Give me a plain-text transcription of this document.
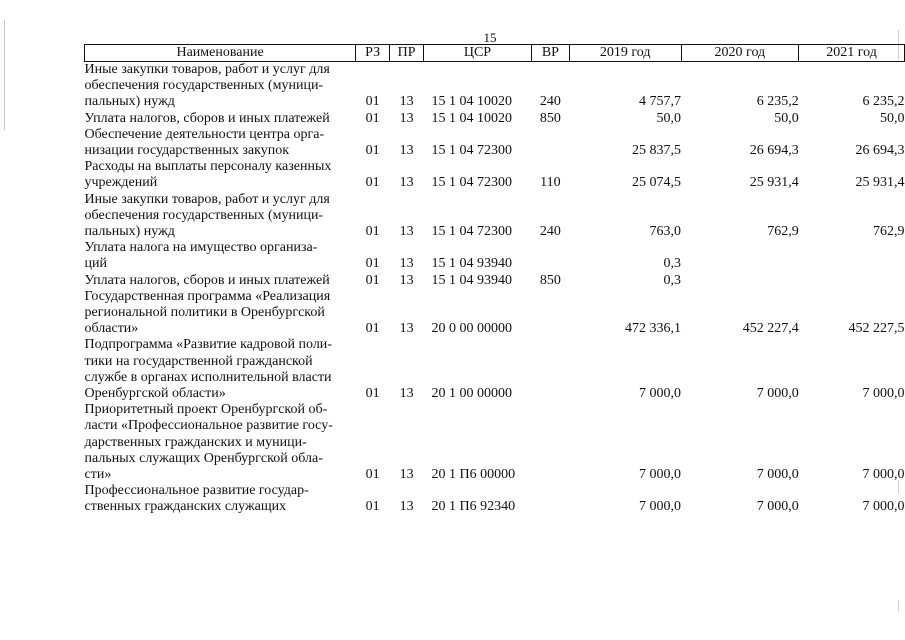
15
Наименование	РЗ	ПР	ЦСР	ВР	2019 год	2020 год	2021 год

Иные закупки товаров, работ и услуг для
обеспечения государственных (муници-
пальных) нужд	01	13	15 1 04 10020	240	4 757,7	6 235,2	6 235,2

Уплата налогов, сборов и иных платежей	01	13	15 1 04 10020	850	50,0	50,0	50,0

Обеспечение деятельности центра орга-
низации государственных закупок	01	13	15 1 04 72300		25 837,5	26 694,3	26 694,3

Расходы на выплаты персоналу казенных
учреждений	01	13	15 1 04 72300	110	25 074,5	25 931,4	25 931,4

Иные закупки товаров, работ и услуг для
обеспечения государственных (муници-
пальных) нужд	01	13	15 1 04 72300	240	763,0	762,9	762,9

Уплата налога на имущество организа-
ций	01	13	15 1 04 93940		0,3		

Уплата налогов, сборов и иных платежей	01	13	15 1 04 93940	850	0,3		

Государственная программа «Реализация
региональной политики в Оренбургской
области»	01	13	20 0 00 00000		472 336,1	452 227,4	452 227,5

Подпрограмма «Развитие кадровой поли-
тики на государственной гражданской
службе в органах исполнительной власти
Оренбургской области»	01	13	20 1 00 00000		7 000,0	7 000,0	7 000,0

Приоритетный проект Оренбургской об-
ласти «Профессиональное развитие госу-
дарственных гражданских и муници-
пальных служащих Оренбургской обла-
сти»	01	13	20 1 П6 00000		7 000,0	7 000,0	7 000,0

Профессиональное развитие государ-
ственных гражданских служащих	01	13	20 1 П6 92340		7 000,0	7 000,0	7 000,0
